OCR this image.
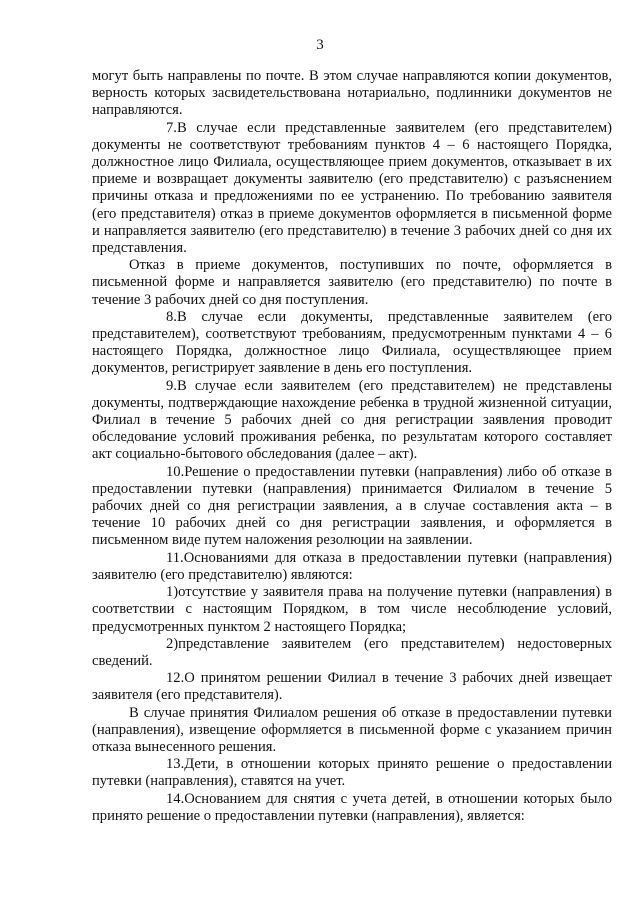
3

могут быть направлены по почте. В этом случае направляются копии документов, верность которых засвидетельствована нотариально, подлинники документов не направляются.

7.В случае если представленные заявителем (его представителем) документы не соответствуют требованиям пунктов 4 – 6 настоящего Порядка, должностное лицо Филиала, осуществляющее прием документов, отказывает в их приеме и возвращает документы заявителю (его представителю) с разъяснением причины отказа и предложениями по ее устранению. По требованию заявителя (его представителя) отказ в приеме документов оформляется в письменной форме и направляется заявителю (его представителю) в течение 3 рабочих дней со дня их представления.

Отказ в приеме документов, поступивших по почте, оформляется в письменной форме и направляется заявителю (его представителю) по почте в течение 3 рабочих дней со дня поступления.

8.В случае если документы, представленные заявителем (его представителем), соответствуют требованиям, предусмотренным пунктами 4 – 6 настоящего Порядка, должностное лицо Филиала, осуществляющее прием документов, регистрирует заявление в день его поступления.

9.В случае если заявителем (его представителем) не представлены документы, подтверждающие нахождение ребенка в трудной жизненной ситуации, Филиал в течение 5 рабочих дней со дня регистрации заявления проводит обследование условий проживания ребенка, по результатам которого составляет акт социально-бытового обследования (далее – акт).

10.Решение о предоставлении путевки (направления) либо об отказе в предоставлении путевки (направления) принимается Филиалом в течение 5 рабочих дней со дня регистрации заявления, а в случае составления акта – в течение 10 рабочих дней со дня регистрации заявления, и оформляется в письменном виде путем наложения резолюции на заявлении.

11.Основаниями для отказа в предоставлении путевки (направления) заявителю (его представителю) являются:

1)отсутствие у заявителя права на получение путевки (направления) в соответствии с настоящим Порядком, в том числе несоблюдение условий, предусмотренных пунктом 2 настоящего Порядка;

2)представление заявителем (его представителем) недостоверных сведений.

12.О принятом решении Филиал в течение 3 рабочих дней извещает заявителя (его представителя).

В случае принятия Филиалом решения об отказе в предоставлении путевки (направления), извещение оформляется в письменной форме с указанием причин отказа вынесенного решения.

13.Дети, в отношении которых принято решение о предоставлении путевки (направления), ставятся на учет.

14.Основанием для снятия с учета детей, в отношении которых было принято решение о предоставлении путевки (направления), является:
